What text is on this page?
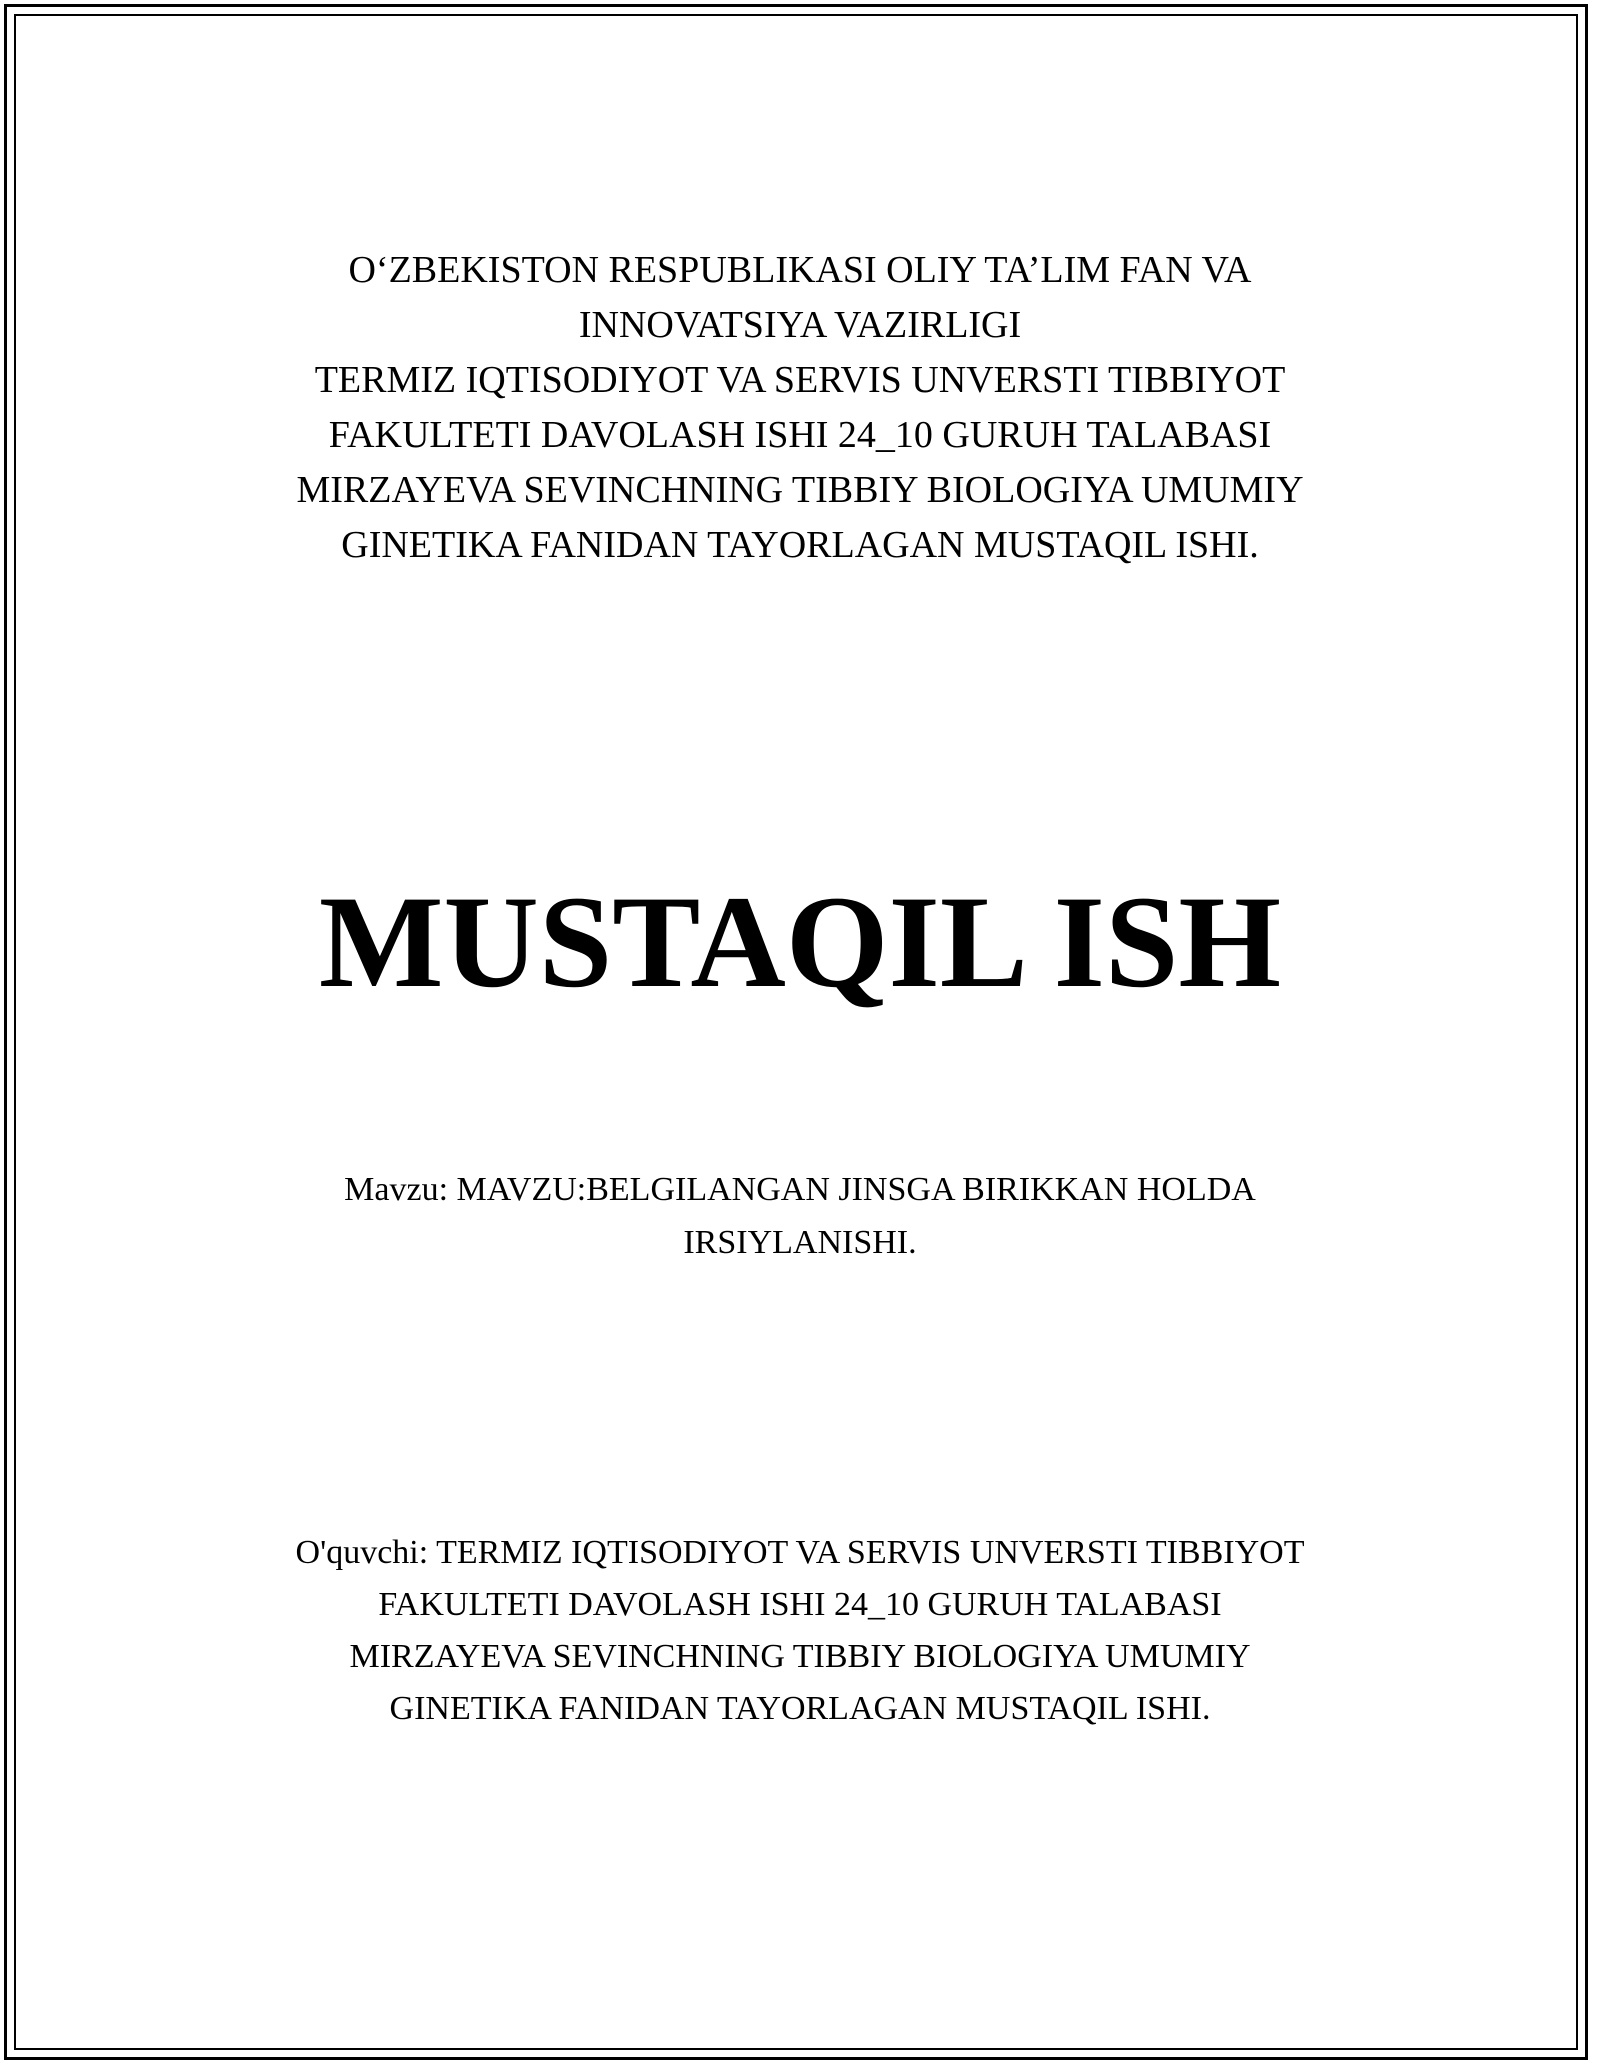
O‘ZBEKISTON RESPUBLIKASI OLIY TA’LIM FAN VA
INNOVATSIYA VAZIRLIGI
TERMIZ IQTISODIYOT VA SERVIS UNVERSTI TIBBIYOT
FAKULTETI DAVOLASH ISHI 24_10 GURUH TALABASI
MIRZAYEVA SEVINCHNING TIBBIY BIOLOGIYA UMUMIY
GINETIKA FANIDAN TAYORLAGAN MUSTAQIL ISHI.
MUSTAQIL ISH
Mavzu: MAVZU:BELGILANGAN JINSGA BIRIKKAN HOLDA
IRSIYLANISHI.
O'quvchi: TERMIZ IQTISODIYOT VA SERVIS UNVERSTI TIBBIYOT
FAKULTETI DAVOLASH ISHI 24_10 GURUH TALABASI
MIRZAYEVA SEVINCHNING TIBBIY BIOLOGIYA UMUMIY
GINETIKA FANIDAN TAYORLAGAN MUSTAQIL ISHI.
